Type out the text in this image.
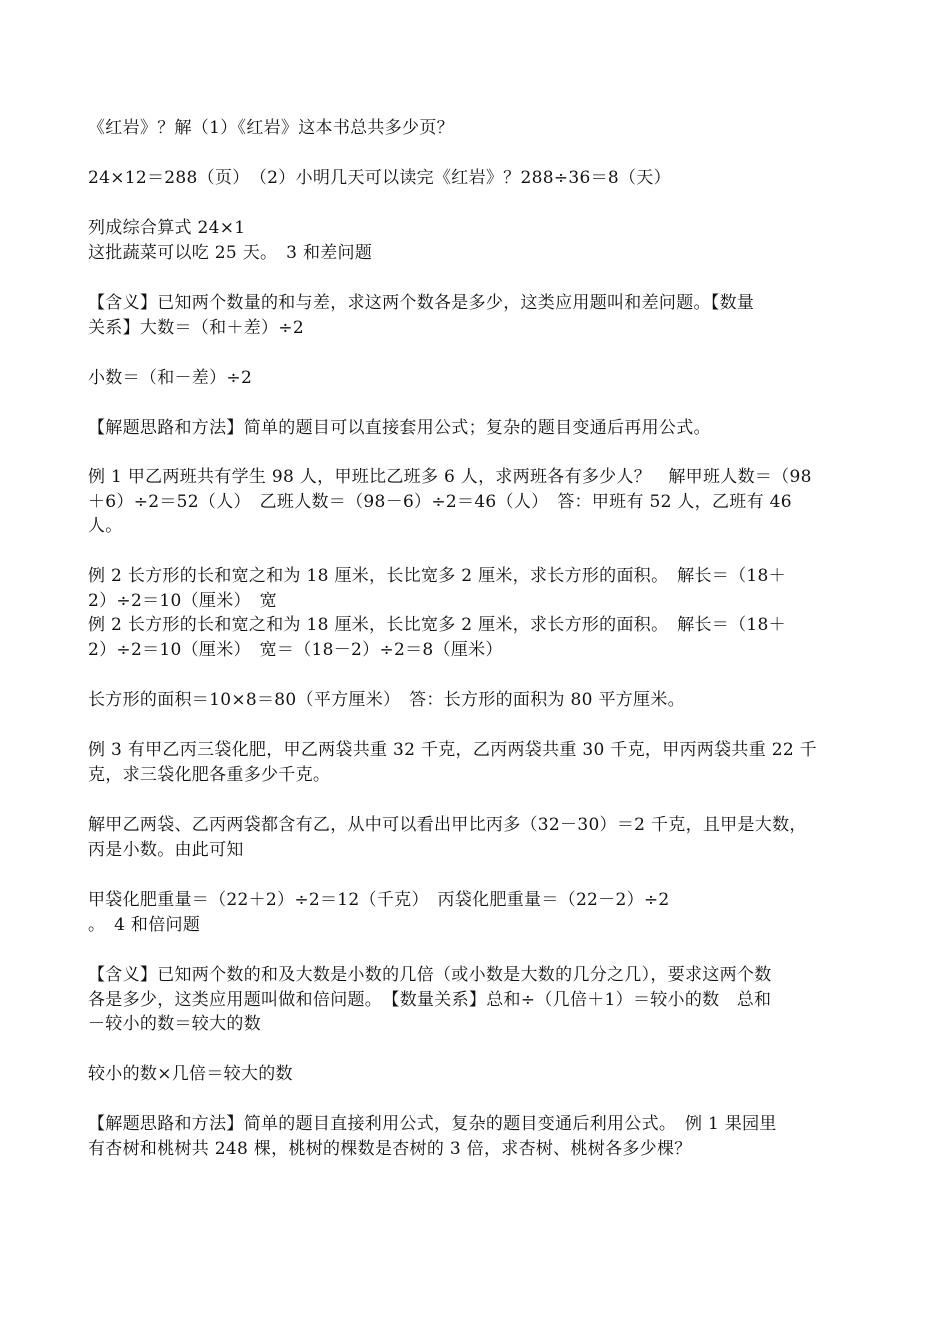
《红岩》？解（1）《红岩》这本书总共多少页？

24×12＝288（页）　（2）小明几天可以读完《红岩》？288÷36＝8（天）

列成综合算式 24×1
这批蔬菜可以吃 25 天。　3 和差问题

【含义】已知两个数量的和与差，求这两个数各是多少，这类应用题叫和差问题。【数量
关系】大数＝（和＋差）÷2

小数＝（和－差）÷2

【解题思路和方法】简单的题目可以直接套用公式；复杂的题目变通后再用公式。

例 1 甲乙两班共有学生 98 人，甲班比乙班多 6 人，求两班各有多少人？　解甲班人数＝（98
＋6）÷2＝52（人）　乙班人数＝（98－6）÷2＝46（人）　答：甲班有 52 人，乙班有 46
人。

例 2 长方形的长和宽之和为 18 厘米，长比宽多 2 厘米，求长方形的面积。　解长＝（18＋
2）÷2＝10（厘米）　宽
例 2 长方形的长和宽之和为 18 厘米，长比宽多 2 厘米，求长方形的面积。　解长＝（18＋
2）÷2＝10（厘米）　宽＝（18－2）÷2＝8（厘米）

长方形的面积＝10×8＝80（平方厘米）　答：长方形的面积为 80 平方厘米。

例 3 有甲乙丙三袋化肥，甲乙两袋共重 32 千克，乙丙两袋共重 30 千克，甲丙两袋共重 22 千
克，求三袋化肥各重多少千克。

解甲乙两袋、乙丙两袋都含有乙，从中可以看出甲比丙多（32－30）＝2 千克，且甲是大数，
丙是小数。由此可知

甲袋化肥重量＝（22＋2）÷2＝12（千克）　丙袋化肥重量＝（22－2）÷2
。　4 和倍问题

【含义】已知两个数的和及大数是小数的几倍（或小数是大数的几分之几），要求这两个数
各是多少，这类应用题叫做和倍问题。　【数量关系】总和÷（几倍＋1）＝较小的数　总和
－较小的数＝较大的数

较小的数×几倍＝较大的数

【解题思路和方法】简单的题目直接利用公式，复杂的题目变通后利用公式。　例 1 果园里
有杏树和桃树共 248 棵，桃树的棵数是杏树的 3 倍，求杏树、桃树各多少棵？
